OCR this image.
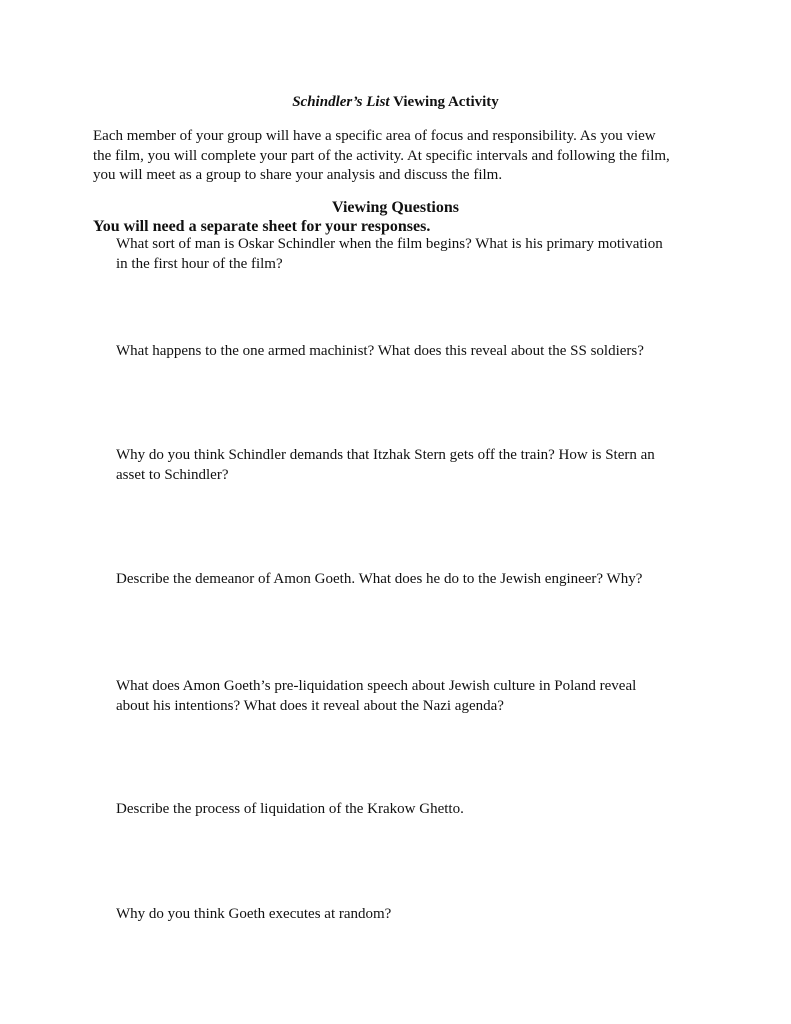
Schindler’s List Viewing Activity

Each member of your group will have a specific area of focus and responsibility. As you view

the film, you will complete your part of the activity. At specific intervals and following the film,

you will meet as a group to share your analysis and discuss the film.

Viewing Questions
You will need a separate sheet for your responses.

What sort of man is Oskar Schindler when the film begins? What is his primary motivation

in the first hour of the film?

What happens to the one armed machinist? What does this reveal about the SS soldiers?

Why do you think Schindler demands that Itzhak Stern gets off the train? How is Stern an

asset to Schindler?

Describe the demeanor of Amon Goeth. What does he do to the Jewish engineer? Why?

What does Amon Goeth’s pre-liquidation speech about Jewish culture in Poland reveal

about his intentions? What does it reveal about the Nazi agenda?

Describe the process of liquidation of the Krakow Ghetto.

Why do you think Goeth executes at random?
